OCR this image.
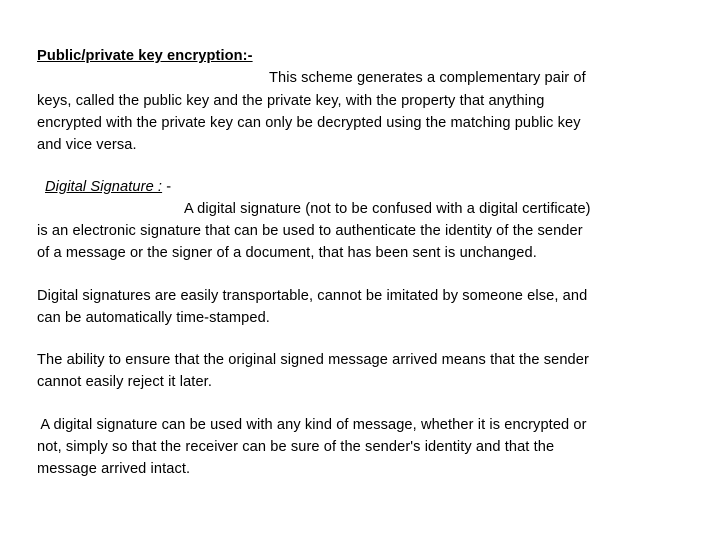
Public/private key encryption:-
This scheme generates a complementary pair of
keys, called the public key and the private key, with the property that anything
encrypted with the private key can only be decrypted using the matching public key
and vice versa.
Digital Signature : -
A digital signature (not to be confused with a digital certificate)
is an electronic signature that can be used to authenticate the identity of the sender
of a message or the signer of a document, that has been sent is unchanged.
Digital signatures are easily transportable, cannot be imitated by someone else, and
can be automatically time-stamped.
The ability to ensure that the original signed message arrived means that the sender
cannot easily reject it later.
A digital signature can be used with any kind of message, whether it is encrypted or
not, simply so that the receiver can be sure of the sender's identity and that the
message arrived intact.
